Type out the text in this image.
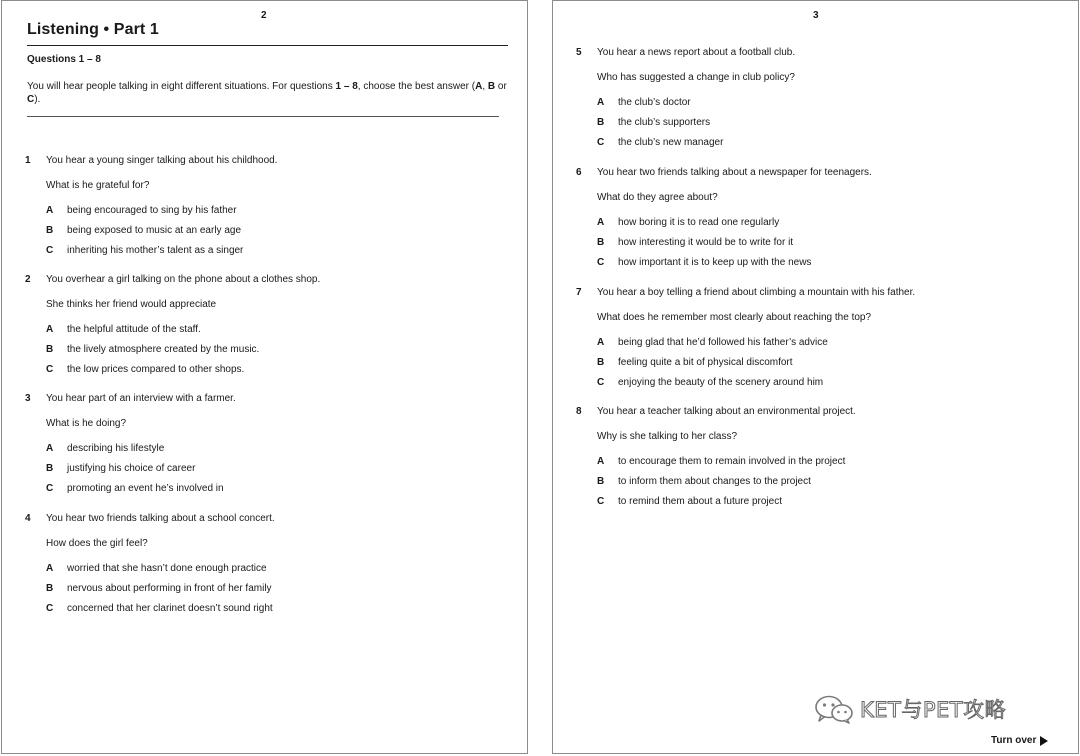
2
Listening • Part 1
Questions 1 – 8
You will hear people talking in eight different situations. For questions 1 – 8, choose the best answer (A, B or C).
3
1 You hear a young singer talking about his childhood.
What is he grateful for?
A being encouraged to sing by his father
B being exposed to music at an early age
C inheriting his mother’s talent as a singer
2 You overhear a girl talking on the phone about a clothes shop.
She thinks her friend would appreciate
A the helpful attitude of the staff.
B the lively atmosphere created by the music.
C the low prices compared to other shops.
3 You hear part of an interview with a farmer.
What is he doing?
A describing his lifestyle
B justifying his choice of career
C promoting an event he’s involved in
4 You hear two friends talking about a school concert.
How does the girl feel?
A worried that she hasn’t done enough practice
B nervous about performing in front of her family
C concerned that her clarinet doesn’t sound right
5 You hear a news report about a football club.
Who has suggested a change in club policy?
A the club’s doctor
B the club’s supporters
C the club’s new manager
6 You hear two friends talking about a newspaper for teenagers.
What do they agree about?
A how boring it is to read one regularly
B how interesting it would be to write for it
C how important it is to keep up with the news
7 You hear a boy telling a friend about climbing a mountain with his father.
What does he remember most clearly about reaching the top?
A being glad that he’d followed his father’s advice
B feeling quite a bit of physical discomfort
C enjoying the beauty of the scenery around him
8 You hear a teacher talking about an environmental project.
Why is she talking to her class?
A to encourage them to remain involved in the project
B to inform them about changes to the project
C to remind them about a future project
KET与PET攻略
Turn over
